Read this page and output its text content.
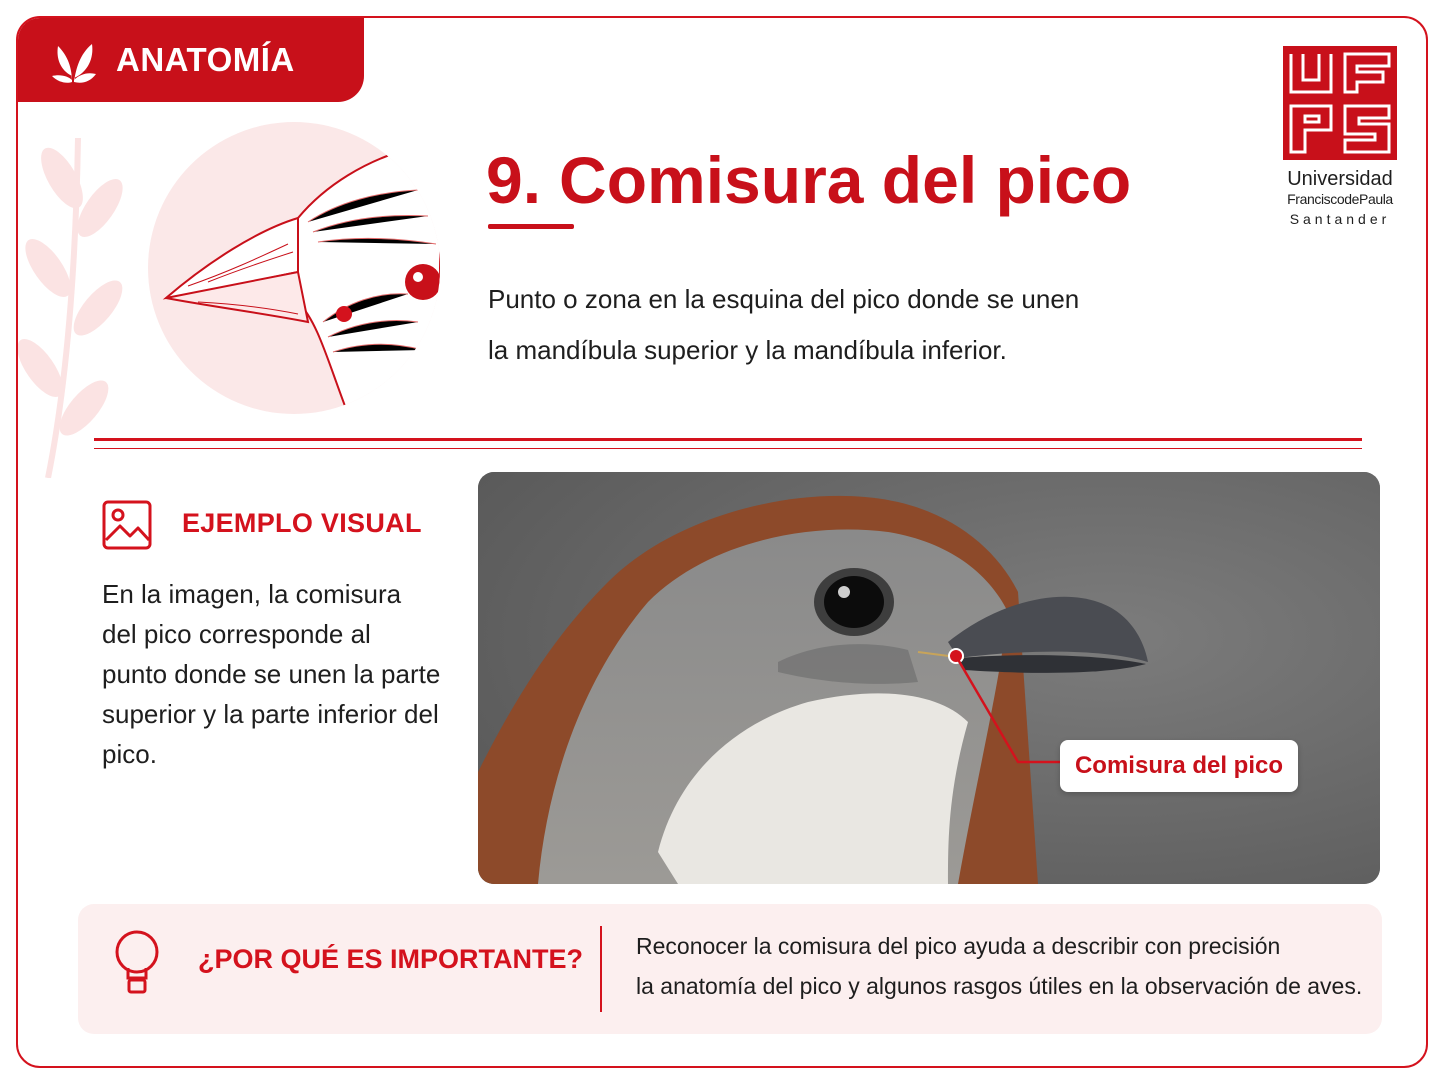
ANATOMÍA
9. Comisura del pico
Punto o zona en la esquina del pico donde se unen
la mandíbula superior y la mandíbula inferior.
Universidad
FranciscodePaula
Santander
EJEMPLO VISUAL
En la imagen, la comisura del pico corresponde al punto donde se unen la parte superior y la parte inferior del pico.	Comisura del pico
¿POR QUÉ ES IMPORTANTE? Reconocer la comisura del pico ayuda a describir con precisión
la anatomía del pico y algunos rasgos útiles en la observación de aves.
